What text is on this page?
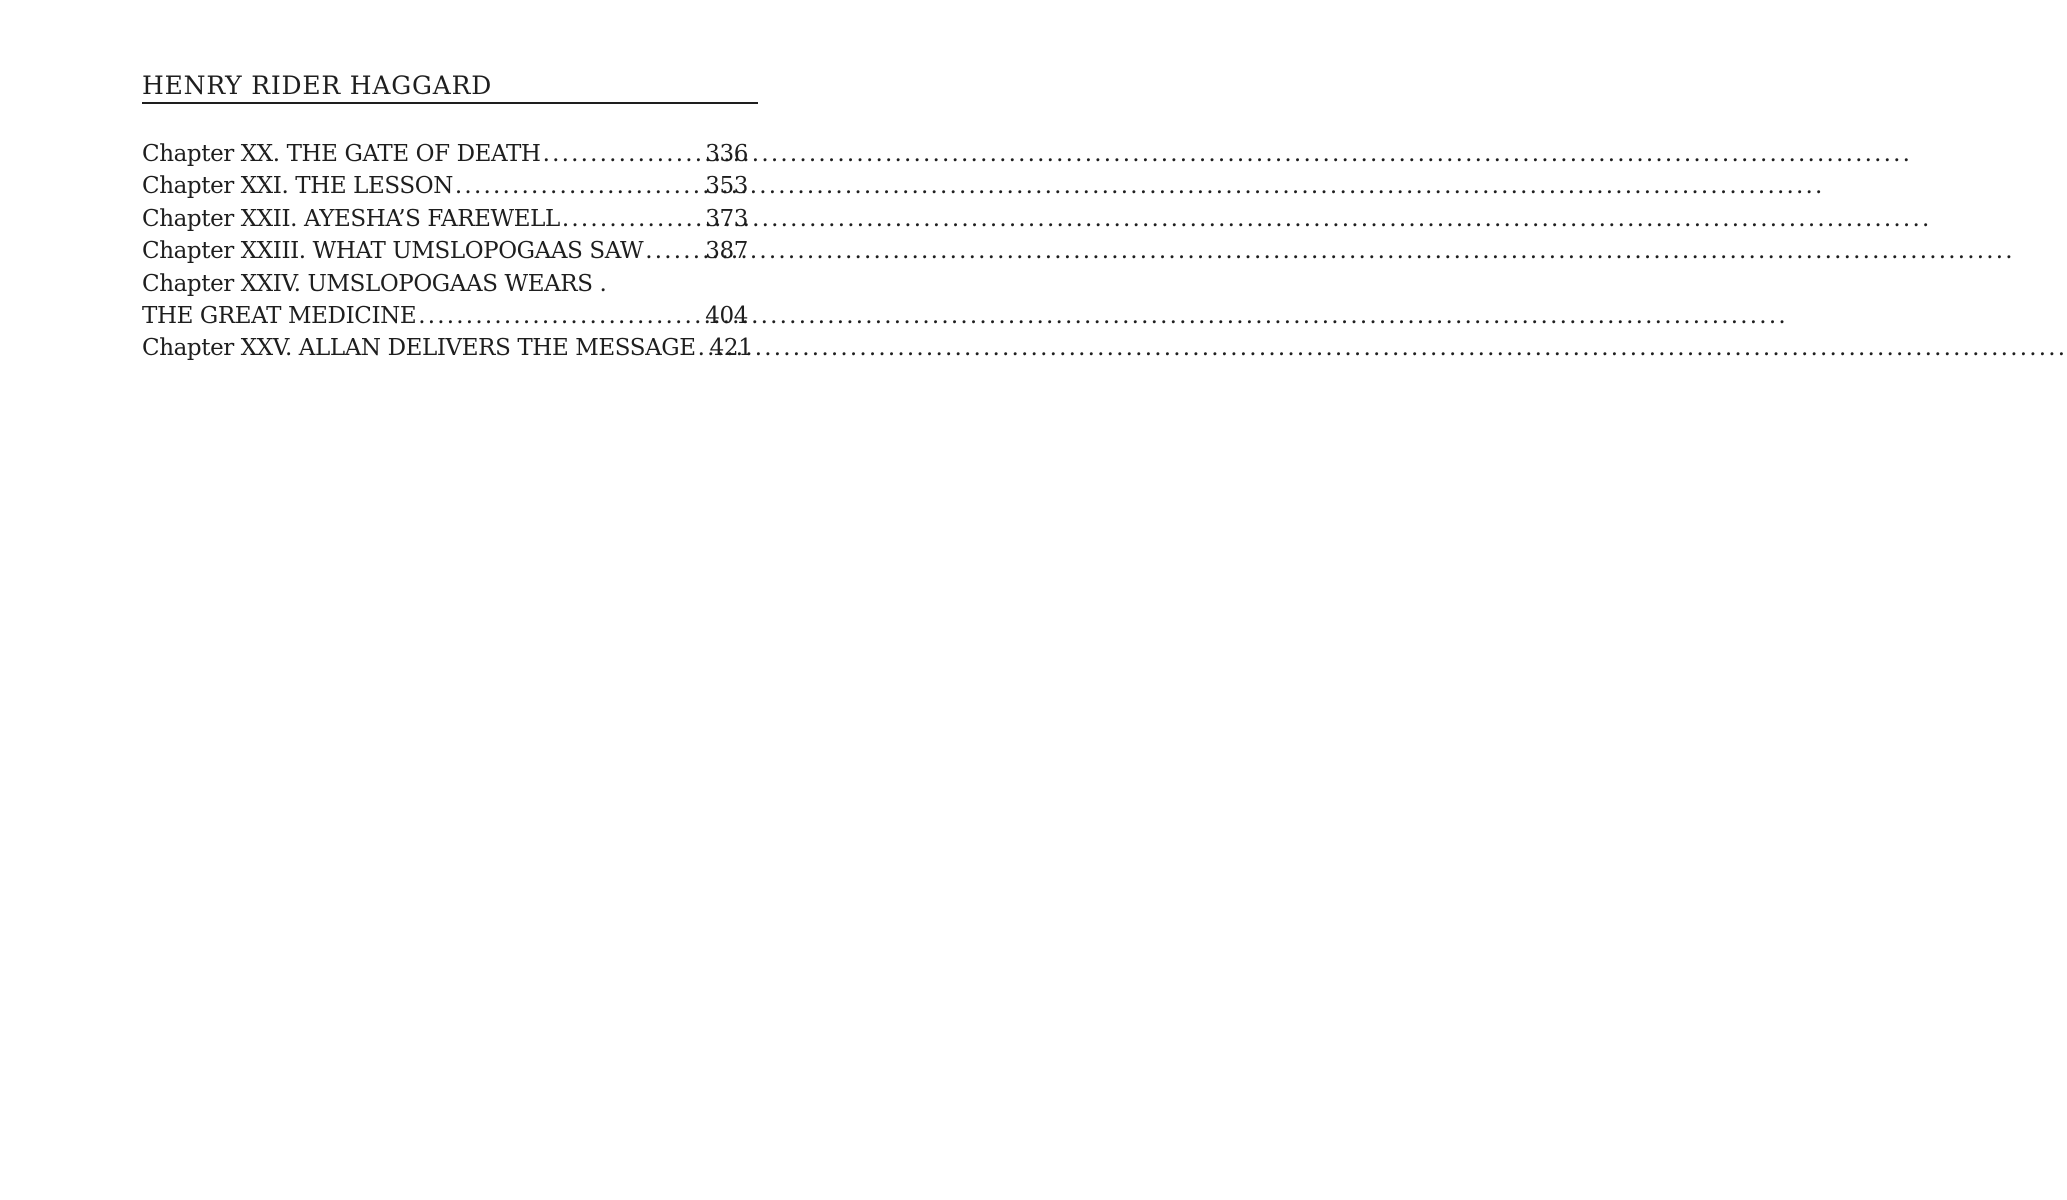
HENRY RIDER HAGGARD
Chapter XX. THE GATE OF DEATH .....	336
Chapter XXI. THE LESSON .....	353
Chapter XXII. AYESHA’S FAREWELL .....	373
Chapter XXIII. WHAT UMSLOPOGAAS SAW .....	387
Chapter XXIV. UMSLOPOGAAS WEARS .
THE GREAT MEDICINE .....	404
Chapter XXV. ALLAN DELIVERS THE MESSAGE ..... 421
